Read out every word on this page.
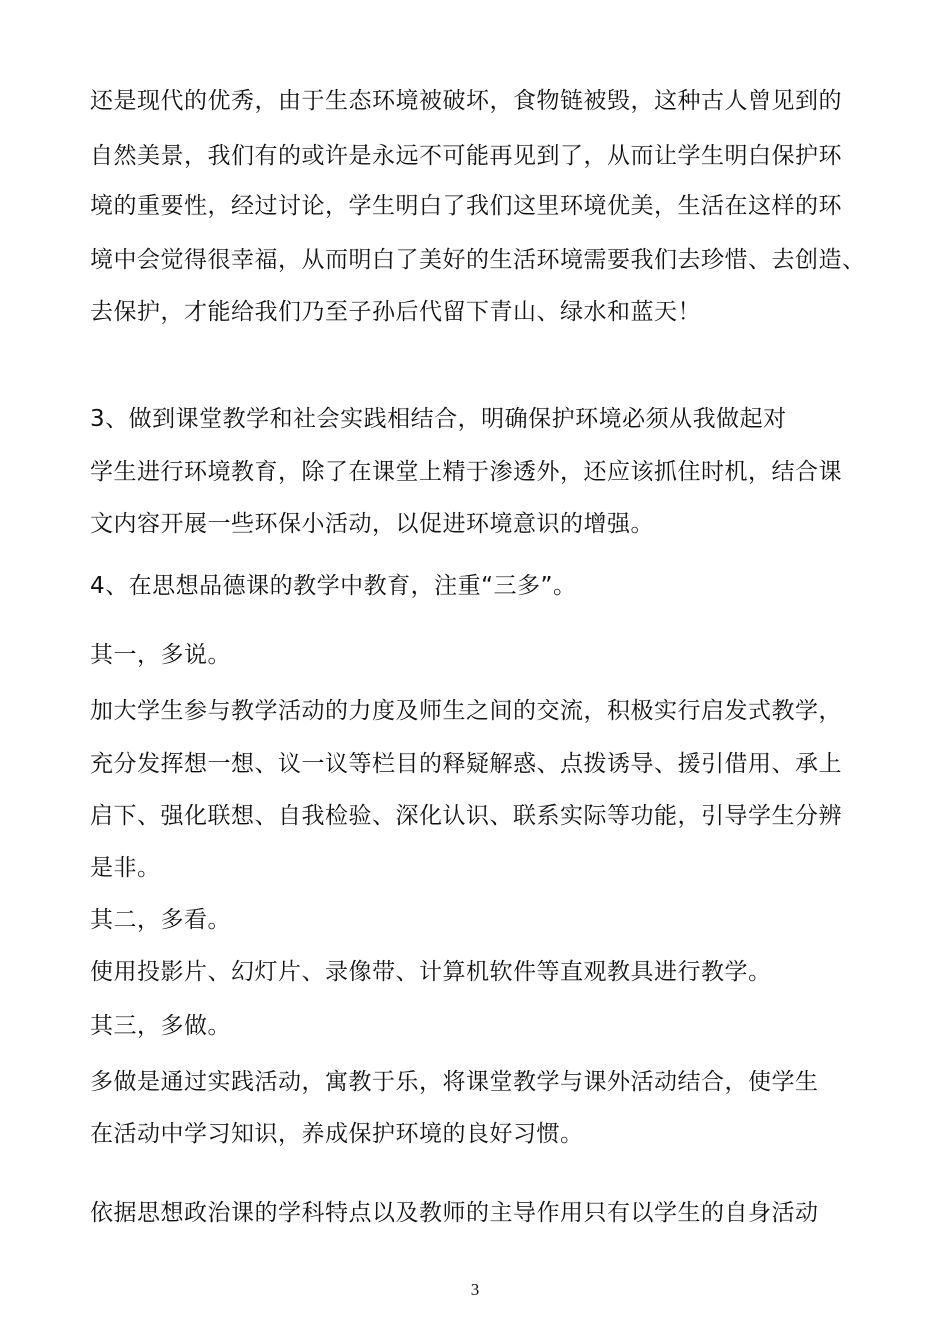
还是现代的优秀，由于生态环境被破坏，食物链被毁，这种古人曾见到的
自然美景，我们有的或许是永远不可能再见到了，从而让学生明白保护环
境的重要性，经过讨论，学生明白了我们这里环境优美，生活在这样的环
境中会觉得很幸福，从而明白了美好的生活环境需要我们去珍惜、去创造、
去保护，才能给我们乃至子孙后代留下青山、绿水和蓝天！
3、做到课堂教学和社会实践相结合，明确保护环境必须从我做起对
学生进行环境教育，除了在课堂上精于渗透外，还应该抓住时机，结合课
文内容开展一些环保小活动，以促进环境意识的增强。
4、在思想品德课的教学中教育，注重“三多”。
其一，多说。
加大学生参与教学活动的力度及师生之间的交流，积极实行启发式教学，
充分发挥想一想、议一议等栏目的释疑解惑、点拨诱导、援引借用、承上
启下、强化联想、自我检验、深化认识、联系实际等功能，引导学生分辨
是非。
其二，多看。
使用投影片、幻灯片、录像带、计算机软件等直观教具进行教学。
其三，多做。
多做是通过实践活动，寓教于乐，将课堂教学与课外活动结合，使学生
在活动中学习知识，养成保护环境的良好习惯。
依据思想政治课的学科特点以及教师的主导作用只有以学生的自身活动
3
